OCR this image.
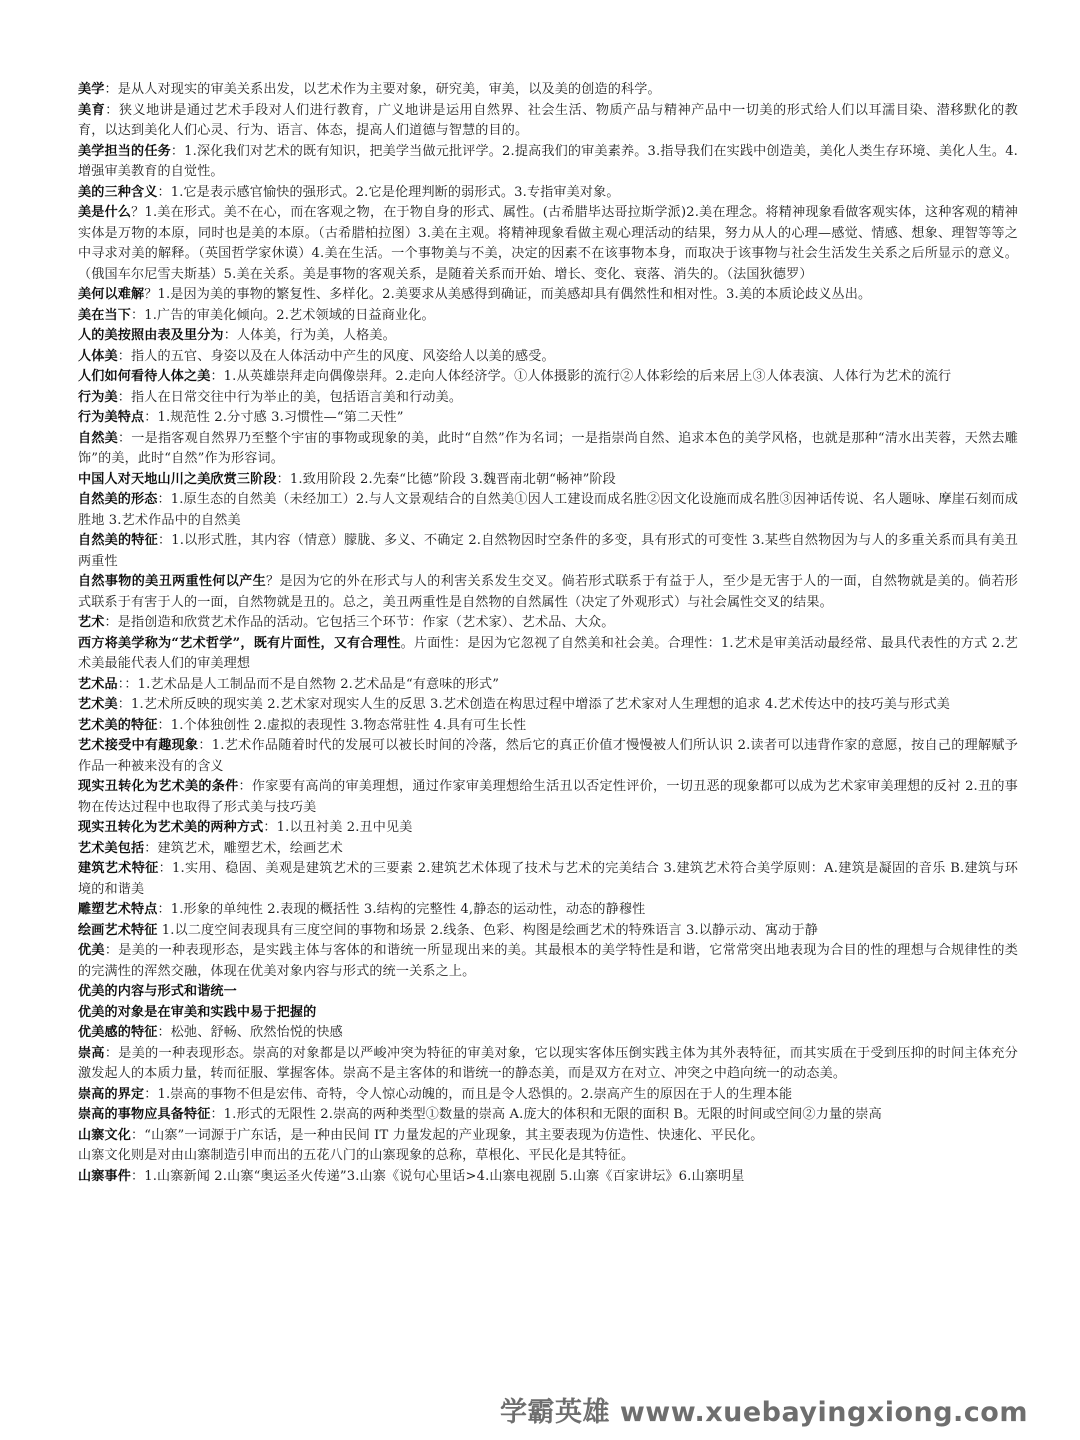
美学：是从人对现实的审美关系出发，以艺术作为主要对象，研究美，审美，以及美的创造的科学。

美育：狭义地讲是通过艺术手段对人们进行教育，广义地讲是运用自然界、社会生活、物质产品与精神产品中一切美的形式给人们以耳濡目染、潜移默化的教育，以达到美化人们心灵、行为、语言、体态，提高人们道德与智慧的目的。

美学担当的任务：1.深化我们对艺术的既有知识，把美学当做元批评学。2.提高我们的审美素养。3.指导我们在实践中创造美，美化人类生存环境、美化人生。4.增强审美教育的自觉性。

美的三种含义：1.它是表示感官愉快的强形式。2.它是伦理判断的弱形式。3.专指审美对象。

美是什么？1.美在形式。美不在心，而在客观之物，在于物自身的形式、属性。(古希腊毕达哥拉斯学派)2.美在理念。将精神现象看做客观实体，这种客观的精神实体是万物的本原，同时也是美的本原。（古希腊柏拉图）3.美在主观。将精神现象看做主观心理活动的结果，努力从人的心理—感觉、情感、想象、理智等等之中寻求对美的解释。（英国哲学家休谟）4.美在生活。一个事物美与不美，决定的因素不在该事物本身，而取决于该事物与社会生活发生关系之后所显示的意义。（俄国车尔尼雪夫斯基）5.美在关系。美是事物的客观关系，是随着关系而开始、增长、变化、衰落、消失的。（法国狄德罗）

美何以难解？1.是因为美的事物的繁复性、多样化。2.美要求从美感得到确证，而美感却具有偶然性和相对性。3.美的本质论歧义丛出。

美在当下：1.广告的审美化倾向。2.艺术领域的日益商业化。

人的美按照由表及里分为：人体美，行为美，人格美。

人体美：指人的五官、身姿以及在人体活动中产生的风度、风姿给人以美的感受。

人们如何看待人体之美：1.从英雄崇拜走向偶像崇拜。2.走向人体经济学。①人体摄影的流行②人体彩绘的后来居上③人体表演、人体行为艺术的流行

行为美：指人在日常交往中行为举止的美，包括语言美和行动美。

行为美特点：1.规范性 2.分寸感 3.习惯性—“第二天性”

自然美：一是指客观自然界乃至整个宇宙的事物或现象的美，此时“自然”作为名词；一是指崇尚自然、追求本色的美学风格，也就是那种“清水出芙蓉，天然去雕饰”的美，此时“自然”作为形容词。

中国人对天地山川之美欣赏三阶段：1.致用阶段 2.先秦“比德”阶段 3.魏晋南北朝“畅神”阶段

自然美的形态：1.原生态的自然美（未经加工）2.与人文景观结合的自然美①因人工建设而成名胜②因文化设施而成名胜③因神话传说、名人题咏、摩崖石刻而成胜地 3.艺术作品中的自然美

自然美的特征：1.以形式胜，其内容（情意）朦胧、多义、不确定 2.自然物因时空条件的多变，具有形式的可变性 3.某些自然物因为与人的多重关系而具有美丑两重性

自然事物的美丑两重性何以产生？是因为它的外在形式与人的利害关系发生交叉。倘若形式联系于有益于人，至少是无害于人的一面，自然物就是美的。倘若形式联系于有害于人的一面，自然物就是丑的。总之，美丑两重性是自然物的自然属性（决定了外观形式）与社会属性交叉的结果。

艺术：是指创造和欣赏艺术作品的活动。它包括三个环节：作家（艺术家）、艺术品、大众。

西方将美学称为“艺术哲学”，既有片面性，又有合理性。片面性：是因为它忽视了自然美和社会美。合理性：1.艺术是审美活动最经常、最具代表性的方式 2.艺术美最能代表人们的审美理想

艺术品：：1.艺术品是人工制品而不是自然物 2.艺术品是“有意味的形式”

艺术美：1.艺术所反映的现实美 2.艺术家对现实人生的反思 3.艺术创造在构思过程中增添了艺术家对人生理想的追求 4.艺术传达中的技巧美与形式美

艺术美的特征：1.个体独创性 2.虚拟的表现性 3.物态常驻性 4.具有可生长性

艺术接受中有趣现象：1.艺术作品随着时代的发展可以被长时间的冷落，然后它的真正价值才慢慢被人们所认识 2.读者可以违背作家的意愿，按自己的理解赋予作品一种被来没有的含义

现实丑转化为艺术美的条件：作家要有高尚的审美理想，通过作家审美理想给生活丑以否定性评价，一切丑恶的现象都可以成为艺术家审美理想的反衬 2.丑的事物在传达过程中也取得了形式美与技巧美

现实丑转化为艺术美的两种方式：1.以丑衬美 2.丑中见美

艺术美包括：建筑艺术，雕塑艺术，绘画艺术

建筑艺术特征：1.实用、稳固、美观是建筑艺术的三要素 2.建筑艺术体现了技术与艺术的完美结合 3.建筑艺术符合美学原则：A.建筑是凝固的音乐 B.建筑与环境的和谐美

雕塑艺术特点：1.形象的单纯性 2.表现的概括性 3.结构的完整性 4,静态的运动性，动态的静穆性

绘画艺术特征 1.以二度空间表现具有三度空间的事物和场景 2.线条、色彩、构图是绘画艺术的特殊语言 3.以静示动、寓动于静

优美：是美的一种表现形态，是实践主体与客体的和谐统一所显现出来的美。其最根本的美学特性是和谐，它常常突出地表现为合目的性的理想与合规律性的类的完满性的浑然交融，体现在优美对象内容与形式的统一关系之上。

优美的内容与形式和谐统一

优美的对象是在审美和实践中易于把握的

优美感的特征：松弛、舒畅、欣然怡悦的快感

崇高：是美的一种表现形态。崇高的对象都是以严峻冲突为特征的审美对象，它以现实客体压倒实践主体为其外表特征，而其实质在于受到压抑的时间主体充分激发起人的本质力量，转而征服、掌握客体。崇高不是主客体的和谐统一的静态美，而是双方在对立、冲突之中趋向统一的动态美。

崇高的界定：1.崇高的事物不但是宏伟、奇特，令人惊心动魄的，而且是令人恐惧的。2.崇高产生的原因在于人的生理本能

崇高的事物应具备特征：1.形式的无限性 2.崇高的两种类型①数量的崇高 A.庞大的体积和无限的面积 B。无限的时间或空间②力量的崇高

山寨文化：“山寨”一词源于广东话，是一种由民间 IT 力量发起的产业现象，其主要表现为仿造性、快速化、平民化。

山寨文化则是对由山寨制造引申而出的五花八门的山寨现象的总称，草根化、平民化是其特征。

山寨事件：1.山寨新闻 2.山寨“奥运圣火传递”3.山寨《说句心里话>4.山寨电视剧 5.山寨《百家讲坛》6.山寨明星

学霸英雄 www.xuebayingxiong.com
